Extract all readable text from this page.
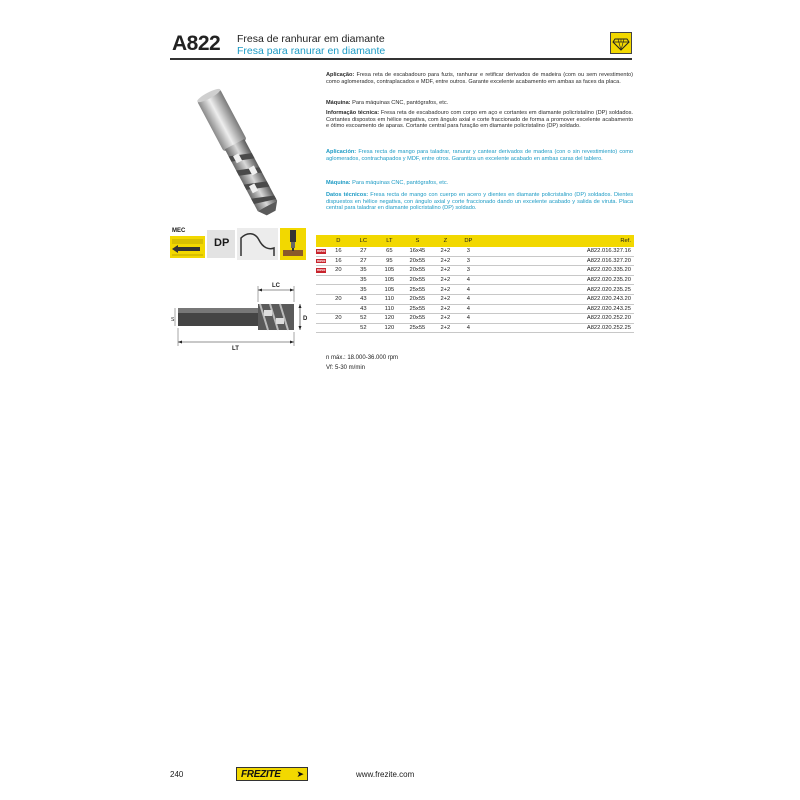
A822 Fresa de ranhurar em diamante
Fresa para ranurar en diamante
Aplicação: Fresa reta de escabadouro para fuzis, ranhurar e retificar derivados de madeira (com ou sem revestimento) como aglomerados, contraplacados e MDF, entre outros. Garante excelente acabamento em ambas as faces da placa.
Máquina: Para máquinas CNC, pantógrafos, etc.
Informação técnica: Fresa reta de escabadouro com corpo em aço e cortantes em diamante policristalino (DP) soldados. Cortantes dispostos em hélice negativa, com ângulo axial e corte fraccionado de forma a promover excelente acabamento e ótimo escoamento de aparas. Cortante central para furação em diamante policristalino (DP) soldado.
Aplicación: Fresa recta de mango para taladrar, ranurar y cantear derivados de madera (con o sin revestimiento) como aglomerados, contrachapados y MDF, entre otros. Garantiza un excelente acabado en ambas caras del tablero.
Máquina: Para máquinas CNC, pantógrafos, etc.
Datos técnicos: Fresa recta de mango con cuerpo en acero y dientes en diamante policristalino (DP) soldados. Dientes dispuestos en hélice negativa, con ángulo axial y corte fraccionado dando un excelente acabado y salida de viruta. Placa central para taladrar en diamante policristalino (DP) soldado.
MEC
DP
LC
S	D
LT
	D	LC	LT	S	Z	DP	Ref.
novo	16	27	65	16x45	2+2	3	A822.016.327.16
novo	16	27	95	20x55	2+2	3	A822.016.327.20
novo	20	35	105	20x55	2+2	3	A822.020.335.20
		35	105	20x55	2+2	4	A822.020.235.20
		35	105	25x55	2+2	4	A822.020.235.25
	20	43	110	20x55	2+2	4	A822.020.243.20
		43	110	25x55	2+2	4	A822.020.243.25
	20	52	120	20x55	2+2	4	A822.020.252.20
		52	120	25x55	2+2	4	A822.020.252.25
n máx.: 18.000-36.000 rpm
Vf: 5-30 m/min
240	FREZITE ➤	www.frezite.com
